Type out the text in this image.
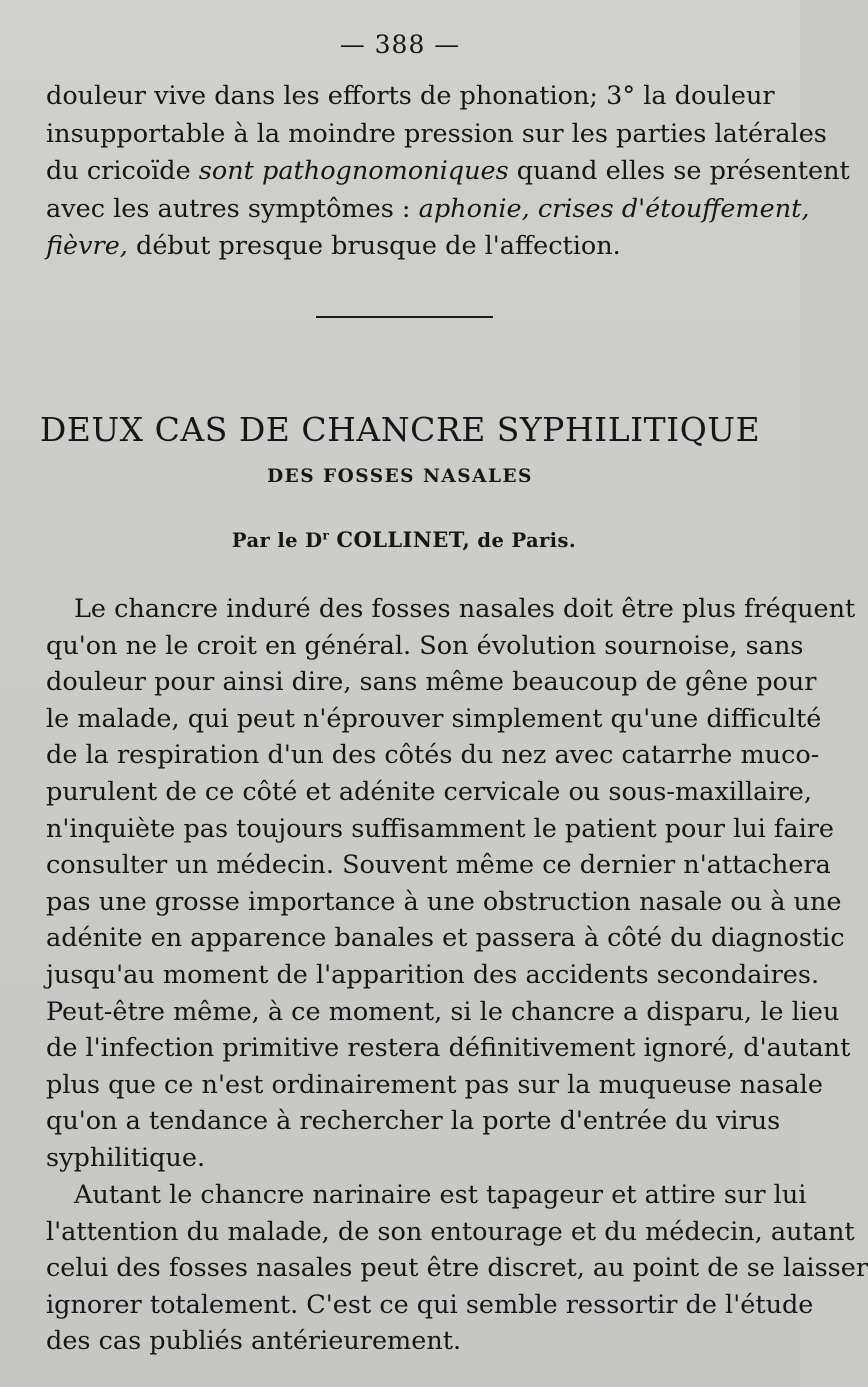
— 388 —
douleur vive dans les efforts de phonation; 3° la douleur
insupportable à la moindre pression sur les parties latérales
du cricoïde sont pathognomoniques quand elles se présentent
avec les autres symptômes : aphonie, crises d'étouffement,
fièvre, début presque brusque de l'affection.
DEUX CAS DE CHANCRE SYPHILITIQUE
DES FOSSES NASALES
Par le $D^r$ COLLINET, de Paris.
Le chancre induré des fosses nasales doit être plus fréquent
qu'on ne le croit en général. Son évolution sournoise, sans
douleur pour ainsi dire, sans même beaucoup de gêne pour
le malade, qui peut n'éprouver simplement qu'une difficulté
de la respiration d'un des côtés du nez avec catarrhe muco-
purulent de ce côté et adénite cervicale ou sous-maxillaire,
n'inquiète pas toujours suffisamment le patient pour lui faire
consulter un médecin. Souvent même ce dernier n'attachera
pas une grosse importance à une obstruction nasale ou à une
adénite en apparence banales et passera à côté du diagnostic
jusqu'au moment de l'apparition des accidents secondaires.
Peut-être même, à ce moment, si le chancre a disparu, le lieu
de l'infection primitive restera définitivement ignoré, d'autant
plus que ce n'est ordinairement pas sur la muqueuse nasale
qu'on a tendance à rechercher la porte d'entrée du virus
syphilitique.
Autant le chancre narinaire est tapageur et attire sur lui
l'attention du malade, de son entourage et du médecin, autant
celui des fosses nasales peut être discret, au point de se laisser
ignorer totalement. C'est ce qui semble ressortir de l'étude
des cas publiés antérieurement.
